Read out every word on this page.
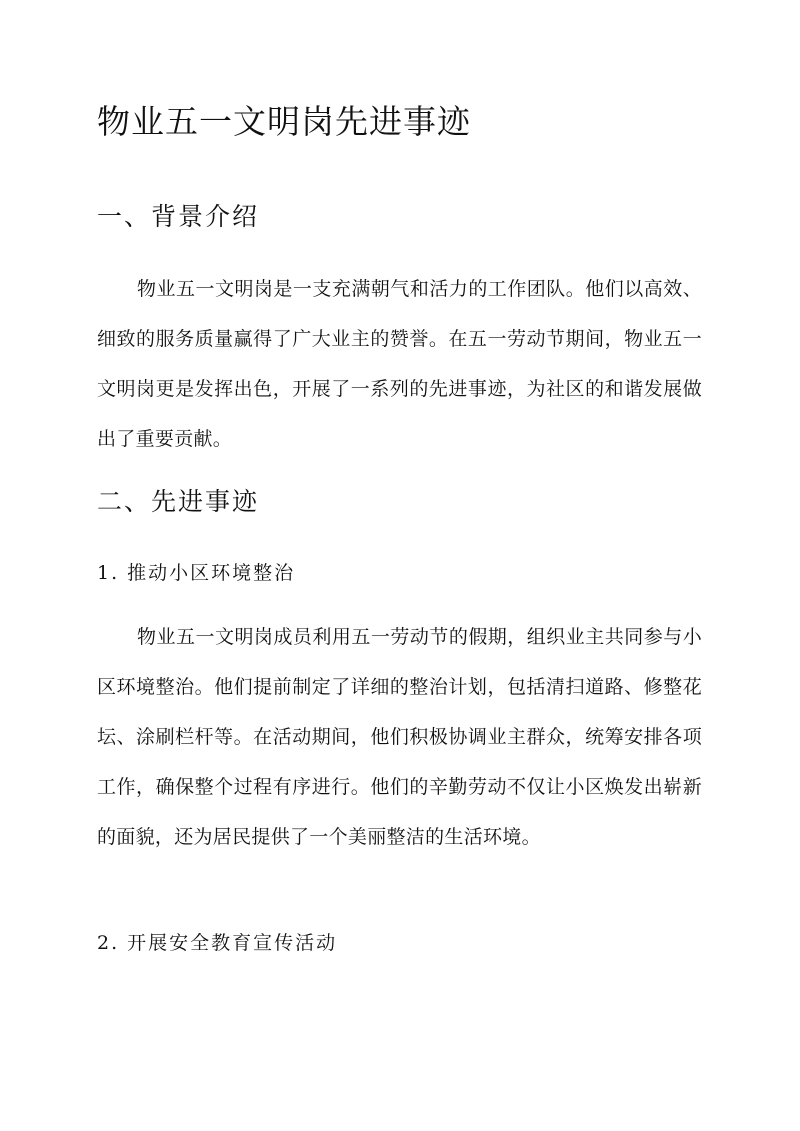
物业五一文明岗先进事迹
一、背景介绍

物业五一文明岗是一支充满朝气和活力的工作团队。他们以高效、细致的服务质量赢得了广大业主的赞誉。在五一劳动节期间，物业五一文明岗更是发挥出色，开展了一系列的先进事迹，为社区的和谐发展做出了重要贡献。

二、先进事迹
1. 推动小区环境整治

物业五一文明岗成员利用五一劳动节的假期，组织业主共同参与小区环境整治。他们提前制定了详细的整治计划，包括清扫道路、修整花坛、涂刷栏杆等。在活动期间，他们积极协调业主群众，统筹安排各项工作，确保整个过程有序进行。他们的辛勤劳动不仅让小区焕发出崭新的面貌，还为居民提供了一个美丽整洁的生活环境。

2. 开展安全教育宣传活动
